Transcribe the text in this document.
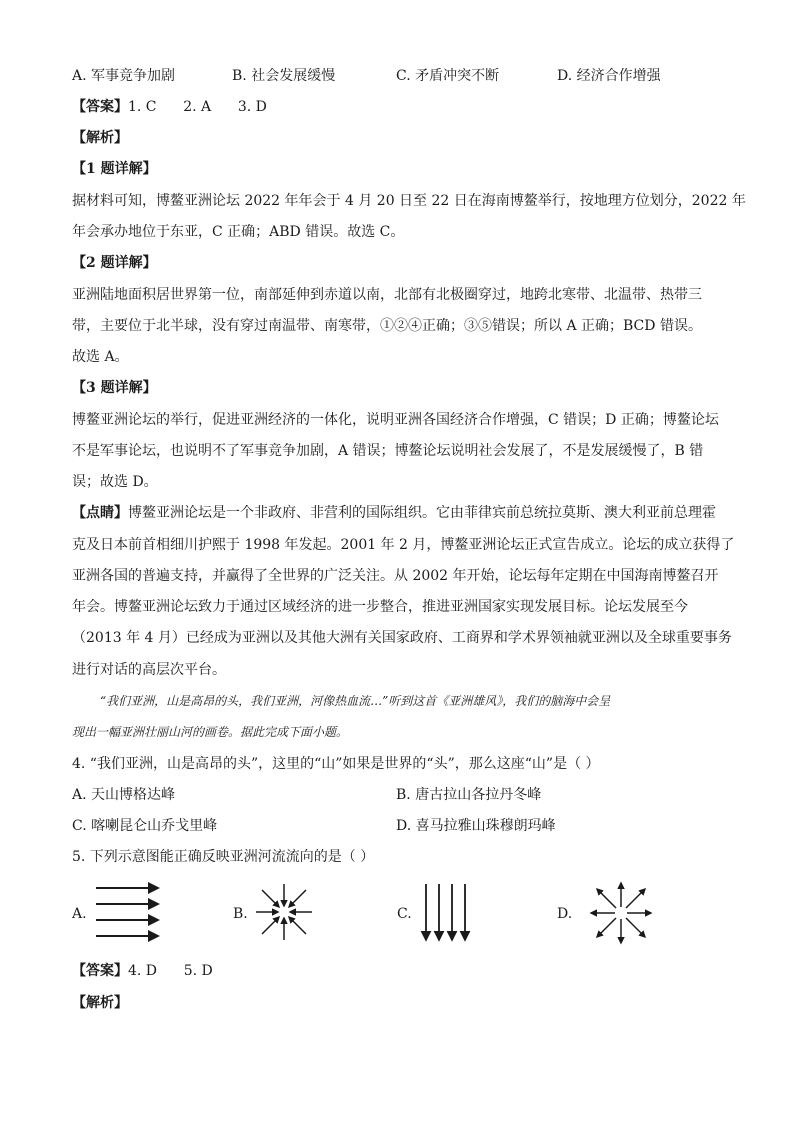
A. 军事竞争加剧	B. 社会发展缓慢	C. 矛盾冲突不断	D. 经济合作增强
【答案】1. C      2. A      3. D
【解析】
【1 题详解】
据材料可知，博鳌亚洲论坛 2022 年年会于 4 月 20 日至 22 日在海南博鳌举行，按地理方位划分，2022 年
年会承办地位于东亚，C 正确；ABD 错误。故选 C。
【2 题详解】
亚洲陆地面积居世界第一位，南部延伸到赤道以南，北部有北极圈穿过，地跨北寒带、北温带、热带三
带，主要位于北半球，没有穿过南温带、南寒带，①②④正确；③⑤错误；所以 A 正确；BCD 错误。
故选 A。
【3 题详解】
博鳌亚洲论坛的举行，促进亚洲经济的一体化，说明亚洲各国经济合作增强，C 错误；D 正确；博鳌论坛
不是军事论坛，也说明不了军事竞争加剧，A 错误；博鳌论坛说明社会发展了，不是发展缓慢了，B 错
误；故选 D。
【点睛】博鳌亚洲论坛是一个非政府、非营利的国际组织。它由菲律宾前总统拉莫斯、澳大利亚前总理霍
克及日本前首相细川护熙于 1998 年发起。2001 年 2 月，博鳌亚洲论坛正式宣告成立。论坛的成立获得了
亚洲各国的普遍支持，并赢得了全世界的广泛关注。从 2002 年开始，论坛每年定期在中国海南博鳌召开
年会。博鳌亚洲论坛致力于通过区域经济的进一步整合，推进亚洲国家实现发展目标。论坛发展至今
（2013 年 4 月）已经成为亚洲以及其他大洲有关国家政府、工商界和学术界领袖就亚洲以及全球重要事务
进行对话的高层次平台。
“我们亚洲，山是高昂的头，我们亚洲，河像热血流…”听到这首《亚洲雄风》，我们的脑海中会呈
现出一幅亚洲壮丽山河的画卷。据此完成下面小题。
4. “我们亚洲，山是高昂的头”，这里的“山”如果是世界的“头”，那么这座“山”是（ ）
A. 天山博格达峰	B. 唐古拉山各拉丹冬峰
C. 喀喇昆仑山乔戈里峰	D. 喜马拉雅山珠穆朗玛峰
5. 下列示意图能正确反映亚洲河流流向的是（ ）
A.	B.	C.	D.
【答案】4. D      5. D
【解析】
